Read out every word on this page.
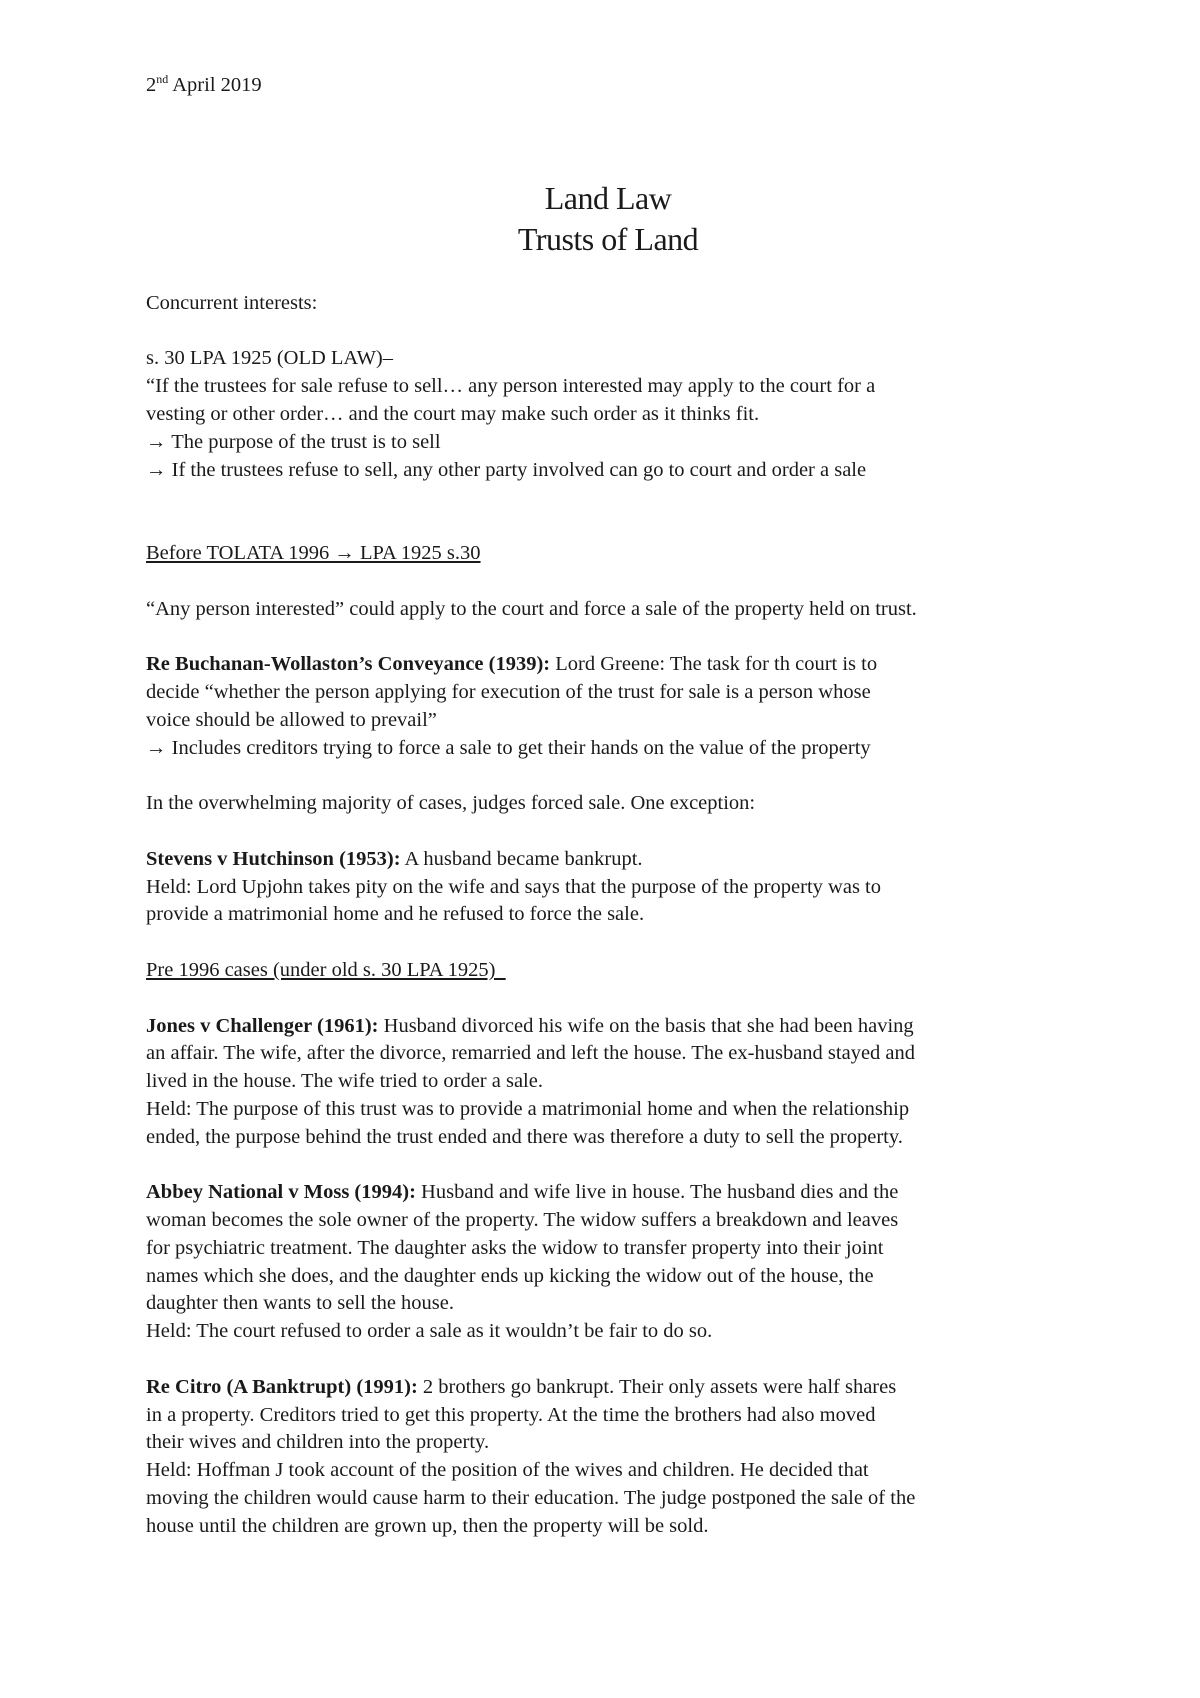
2nd April 2019

Land Law
Trusts of Land

Concurrent interests:

s. 30 LPA 1925 (OLD LAW)–

“If the trustees for sale refuse to sell… any person interested may apply to the court for a

vesting or other order… and the court may make such order as it thinks fit.

→ The purpose of the trust is to sell

→ If the trustees refuse to sell, any other party involved can go to court and order a sale

Before TOLATA 1996 → LPA 1925 s.30

“Any person interested” could apply to the court and force a sale of the property held on trust.

Re Buchanan-Wollaston’s Conveyance (1939): Lord Greene: The task for th court is to

decide “whether the person applying for execution of the trust for sale is a person whose

voice should be allowed to prevail”

→ Includes creditors trying to force a sale to get their hands on the value of the property

In the overwhelming majority of cases, judges forced sale. One exception:

Stevens v Hutchinson (1953): A husband became bankrupt.

Held: Lord Upjohn takes pity on the wife and says that the purpose of the property was to

provide a matrimonial home and he refused to force the sale.

Pre 1996 cases (under old s. 30 LPA 1925)

Jones v Challenger (1961): Husband divorced his wife on the basis that she had been having

an affair. The wife, after the divorce, remarried and left the house. The ex-husband stayed and

lived in the house. The wife tried to order a sale.

Held: The purpose of this trust was to provide a matrimonial home and when the relationship

ended, the purpose behind the trust ended and there was therefore a duty to sell the property.

Abbey National v Moss (1994): Husband and wife live in house. The husband dies and the

woman becomes the sole owner of the property. The widow suffers a breakdown and leaves

for psychiatric treatment. The daughter asks the widow to transfer property into their joint

names which she does, and the daughter ends up kicking the widow out of the house, the

daughter then wants to sell the house.

Held: The court refused to order a sale as it wouldn’t be fair to do so.

Re Citro (A Banktrupt) (1991): 2 brothers go bankrupt. Their only assets were half shares

in a property. Creditors tried to get this property. At the time the brothers had also moved

their wives and children into the property.

Held: Hoffman J took account of the position of the wives and children. He decided that

moving the children would cause harm to their education. The judge postponed the sale of the

house until the children are grown up, then the property will be sold.
